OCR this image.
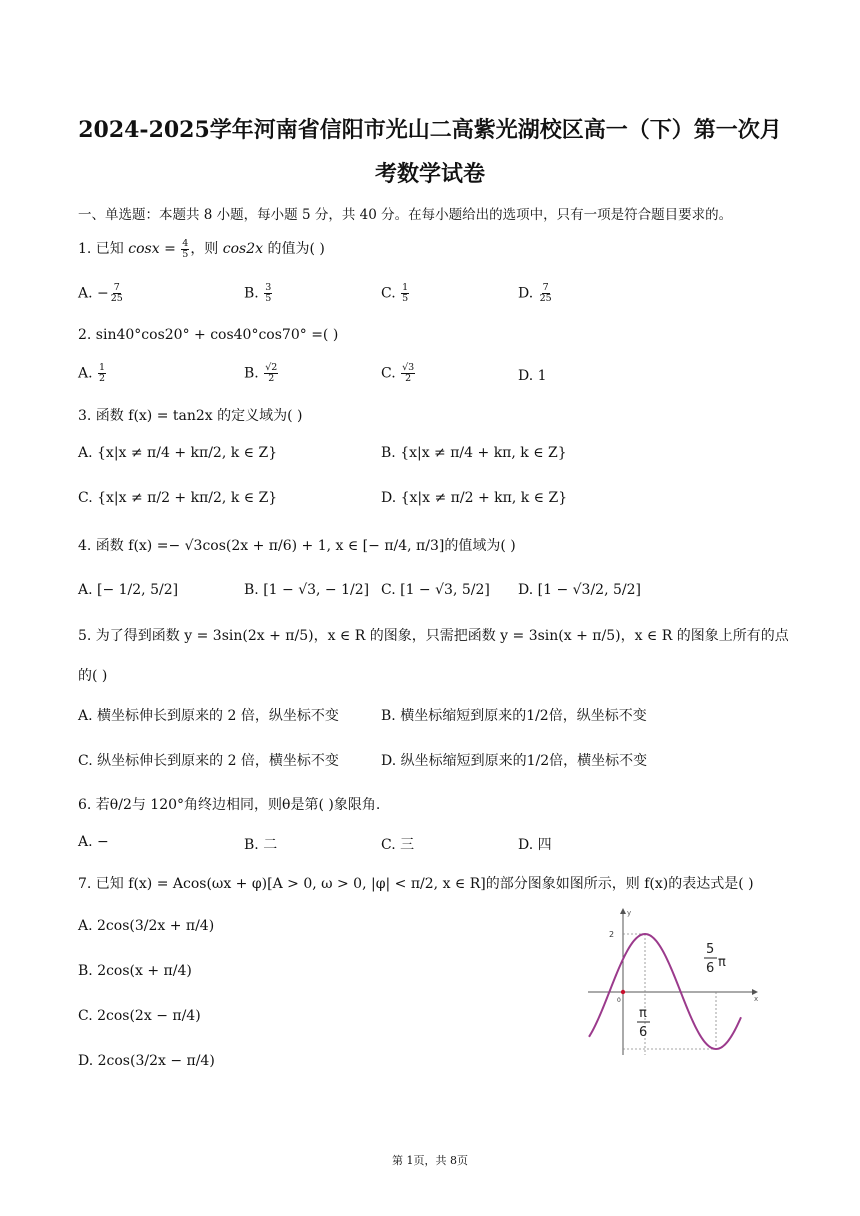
2024-2025学年河南省信阳市光山二高紫光湖校区高一（下）第一次月
考数学试卷
一、单选题：本题共 8 小题，每小题 5 分，共 40 分。在每小题给出的选项中，只有一项是符合题目要求的。
1. 已知 $\cos x = \frac{4}{5}$ ，则 cos2x 的值为( )
A. − $\frac{7}{25}$	B. $\frac{3}{5}$	C. $\frac{1}{5}$	D. $\frac{7}{25}$
2. sin40°cos20° + cos40°cos70° =( )
A. $\frac{1}{2}$	B. $\frac{√2}{2}$	C. $\frac{√3}{2}$	D. 1
3. 函数 f(x) = tan2x 的定义域为( )
A. {x|x ≠ π/4 + kπ/2, k ∈ Z}	B. {x|x ≠ π/4 + kπ, k ∈ Z}
C. {x|x ≠ π/2 + kπ/2, k ∈ Z}	D. {x|x ≠ π/2 + kπ, k ∈ Z}
4. 函数 f(x) =− √3cos(2x + π/6) + 1, x ∈ [− π/4, π/3]的值域为( )
A. [− 1/2, 5/2]	B. [1 − √3, − 1/2] C. [1 − √3, 5/2] D. [1 − √3/2, 5/2]
5. 为了得到函数 y = 3sin(2x + π/5)，x ∈ R 的图象，只需把函数 y = 3sin(x + π/5)，x ∈ R 的图象上所有的点
的( )
A. 横坐标伸长到原来的 2 倍，纵坐标不变	B. 横坐标缩短到原来的1/2倍，纵坐标不变
C. 纵坐标伸长到原来的 2 倍，横坐标不变	D. 纵坐标缩短到原来的1/2倍，横坐标不变
6. 若θ/2与 120°角终边相同，则θ是第( )象限角.
A. −	B. 二	C. 三	D. 四
7. 已知 f(x) = Acos(ωx + φ)[A > 0, ω > 0, |φ| < π/2, x ∈ R]的部分图象如图所示，则 f(x)的表达式是( )
A. 2cos(3/2x + π/4)
B. 2cos(x + π/4)
C. 2cos(2x − π/4)
D. 2cos(3/2x − π/4)
y
x
2
0
5
6 π
π
6
第 1页，共 8页
